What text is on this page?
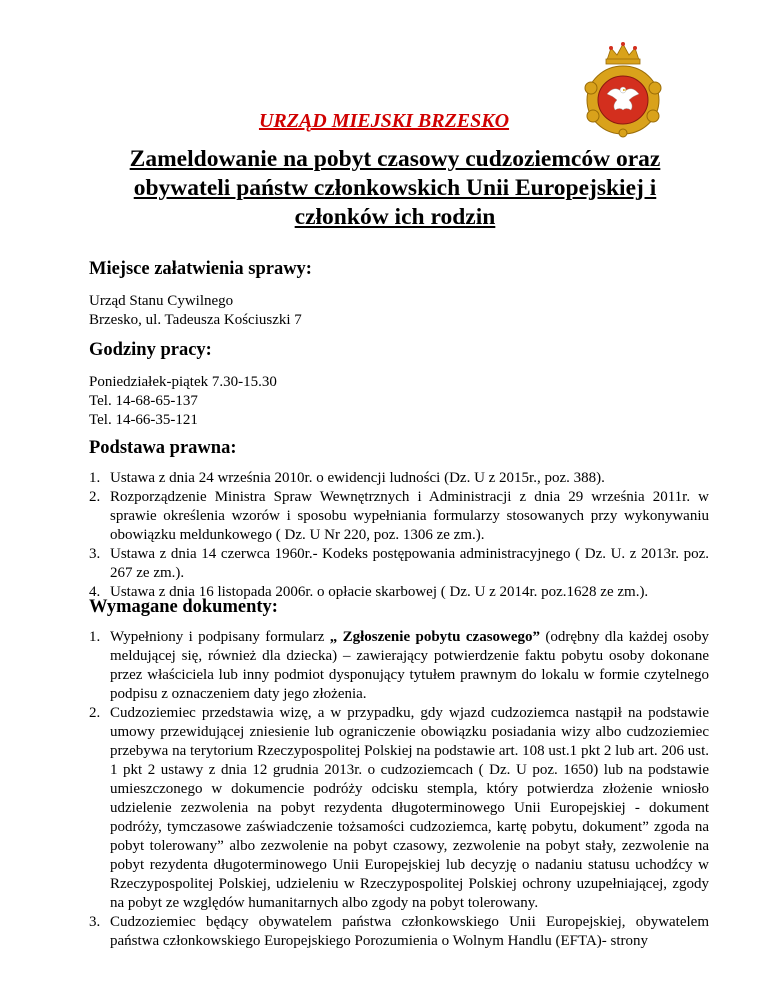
URZĄD MIEJSKI BRZESKO
Zameldowanie na pobyt czasowy cudzoziemców oraz
obywateli państw członkowskich Unii Europejskiej i
członków ich rodzin
Miejsce załatwienia sprawy:
Urząd Stanu Cywilnego
Brzesko, ul. Tadeusza Kościuszki 7
Godziny pracy:
Poniedziałek-piątek 7.30-15.30
Tel. 14-68-65-137
Tel. 14-66-35-121
Podstawa prawna:
1. Ustawa z dnia 24 września 2010r. o ewidencji ludności (Dz. U z 2015r., poz. 388).
2. Rozporządzenie Ministra Spraw Wewnętrznych i Administracji z dnia 29 września 2011r. w sprawie określenia wzorów i sposobu wypełniania formularzy stosowanych przy wykonywaniu obowiązku meldunkowego ( Dz. U Nr 220, poz. 1306 ze zm.).
3. Ustawa z dnia 14 czerwca 1960r.- Kodeks postępowania administracyjnego ( Dz. U. z 2013r. poz. 267 ze zm.).
4. Ustawa z dnia 16 listopada 2006r. o opłacie skarbowej ( Dz. U z 2014r. poz.1628 ze zm.).
Wymagane dokumenty:
1. Wypełniony i podpisany formularz „ Zgłoszenie pobytu czasowego” (odrębny dla każdej osoby meldującej się, również dla dziecka) – zawierający potwierdzenie faktu pobytu osoby dokonane przez właściciela lub inny podmiot dysponujący tytułem prawnym do lokalu w formie czytelnego podpisu z oznaczeniem daty jego złożenia.
2. Cudzoziemiec przedstawia wizę, a w przypadku, gdy wjazd cudzoziemca nastąpił na podstawie umowy przewidującej zniesienie lub ograniczenie obowiązku posiadania wizy albo cudzoziemiec przebywa na terytorium Rzeczypospolitej Polskiej na podstawie art. 108 ust.1 pkt 2 lub art. 206 ust. 1 pkt 2 ustawy z dnia 12 grudnia 2013r. o cudzoziemcach ( Dz. U poz. 1650) lub na podstawie umieszczonego w dokumencie podróży odcisku stempla, który potwierdza złożenie wniosło udzielenie zezwolenia na pobyt rezydenta długoterminowego Unii Europejskiej - dokument podróży, tymczasowe zaświadczenie tożsamości cudzoziemca, kartę pobytu, dokument” zgoda na pobyt tolerowany” albo zezwolenie na pobyt czasowy, zezwolenie na pobyt stały, zezwolenie na pobyt rezydenta długoterminowego Unii Europejskiej lub decyzję o nadaniu statusu uchodźcy w Rzeczypospolitej Polskiej, udzieleniu w Rzeczypospolitej Polskiej ochrony uzupełniającej, zgody na pobyt ze względów humanitarnych albo zgody na pobyt tolerowany.
3. Cudzoziemiec będący obywatelem państwa członkowskiego Unii Europejskiej, obywatelem państwa członkowskiego Europejskiego Porozumienia o Wolnym Handlu (EFTA)- strony
